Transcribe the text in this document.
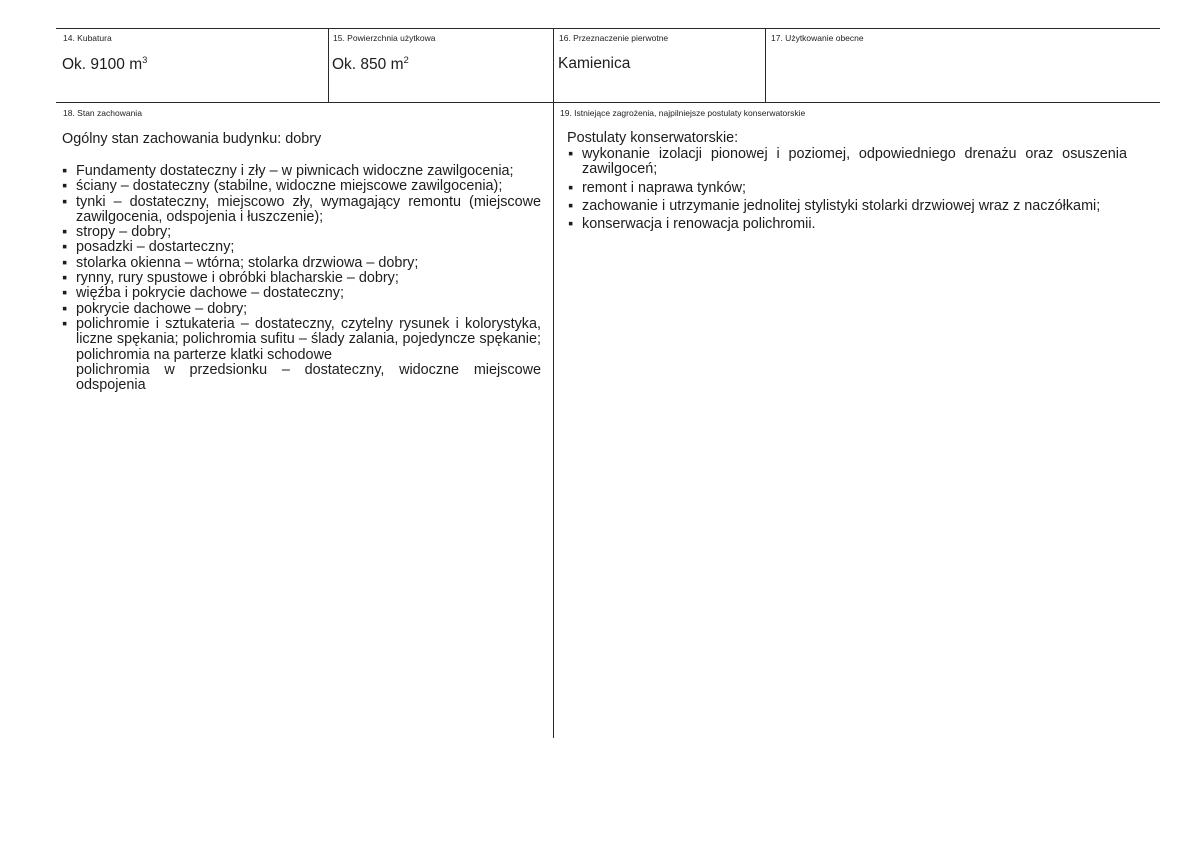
14. Kubatura
Ok. 9100 $m^3$
15. Powierzchnia użytkowa
Ok. 850 $m^2$
16. Przeznaczenie pierwotne
Kamienica
17. Użytkowanie obecne
18. Stan zachowania
Ogólny stan zachowania budynku: dobry
▪ Fundamenty dostateczny i zły – w piwnicach widoczne zawilgocenia;
▪ ściany – dostateczny (stabilne, widoczne miejscowe zawilgocenia);
▪ tynki – dostateczny, miejscowo zły, wymagający remontu (miejscowe zawilgocenia, odspojenia i łuszczenie);
▪ stropy – dobry;
▪ posadzki – dostarteczny;
▪ stolarka okienna – wtórna; stolarka drzwiowa – dobry;
▪ rynny, rury spustowe i obróbki blacharskie – dobry;
▪ więźba i pokrycie dachowe – dostateczny;
▪ pokrycie dachowe – dobry;
▪ polichromie i sztukateria – dostateczny, czytelny rysunek i kolorystyka, liczne spękania; polichromia sufitu – ślady zalania, pojedyncze spękanie; polichromia na parterze klatki schodowe
polichromia w przedsionku – dostateczny, widoczne miejscowe odspojenia
19. Istniejące zagrożenia, najpilniejsze postulaty konserwatorskie
Postulaty konserwatorskie:
▪ wykonanie izolacji pionowej i poziomej, odpowiedniego drenażu oraz osuszenia zawilgoceń;
▪ remont i naprawa tynków;
▪ zachowanie i utrzymanie jednolitej stylistyki stolarki drzwiowej wraz z naczółkami;
▪ konserwacja i renowacja polichromii.
